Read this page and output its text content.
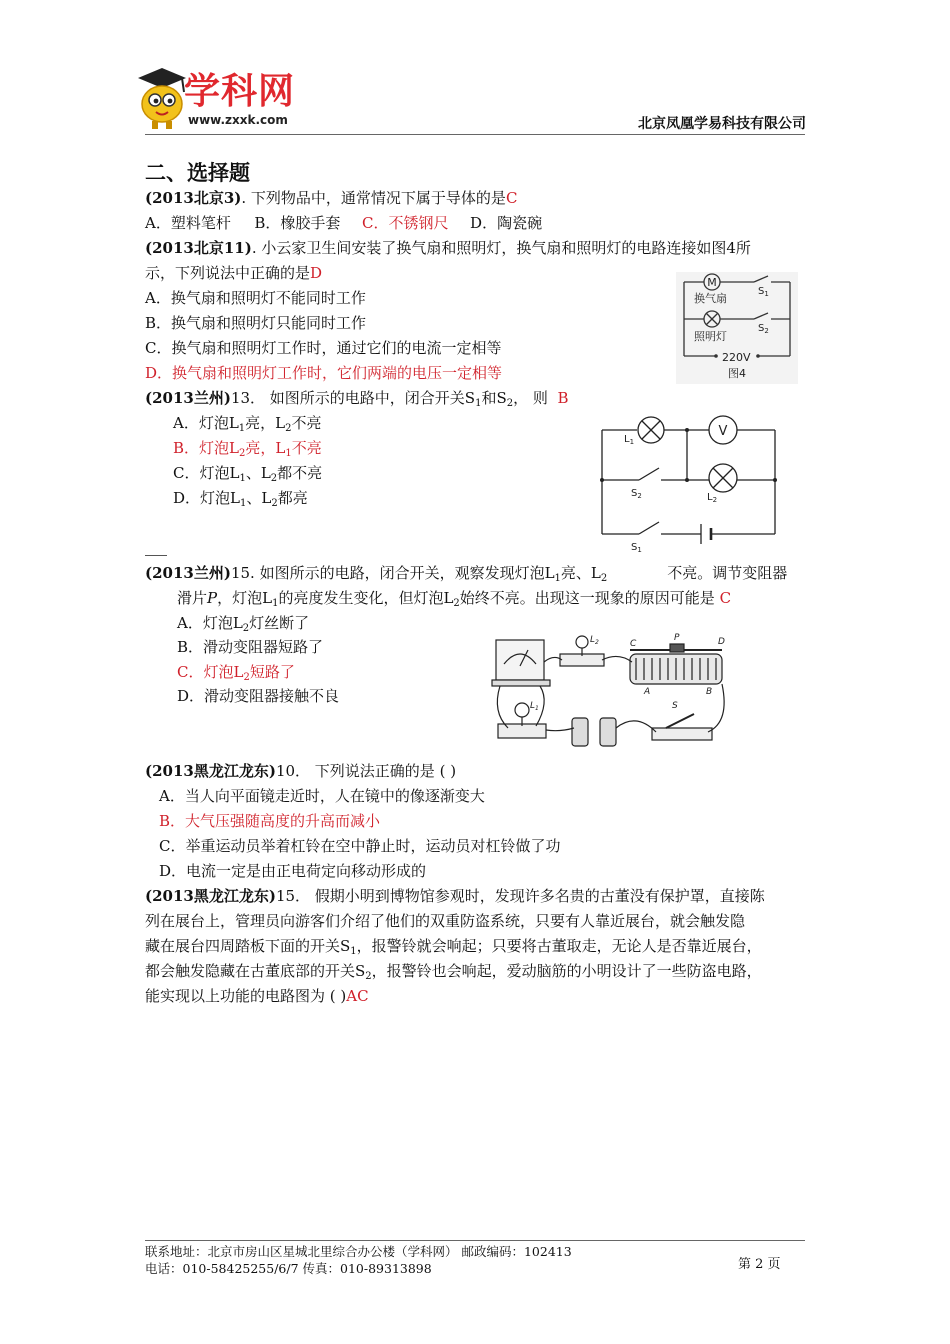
学科网
www.zxxk.com	北京凤凰学易科技有限公司
二、选择题
(2013北京3). 下列物品中，通常情况下属于导体的是C
A．塑料笔杆 B．橡胶手套 C．不锈钢尺 D．陶瓷碗
(2013北京11). 小云家卫生间安装了换气扇和照明灯，换气扇和照明灯的电路连接如图4所
示，下列说法中正确的是D
A．换气扇和照明灯不能同时工作
B．换气扇和照明灯只能同时工作
C．换气扇和照明灯工作时，通过它们的电流一定相等
D．换气扇和照明灯工作时，它们两端的电压一定相等
M
换气扇
照明灯
$S_1$
$S_2$
220V
图4
(2013兰州)13． 如图所示的电路中，闭合开关$S_1$和$S_2$， 则 B
A．灯泡$L_1$亮，$L_2$不亮
B．灯泡$L_2$亮，$L_1$不亮
C．灯泡$L_1$、$L_2$都不亮
D．灯泡$L_1$、$L_2$都亮
V
$L_1$
$L_2$
$S_2$
$S_1$
(2013兰州)15. 如图所示的电路，闭合开关，观察发现灯泡$L_1$亮、$L_2$	不亮。调节变阻器
滑片P，灯泡$L_1$的亮度发生变化，但灯泡$L_2$始终不亮。出现这一现象的原因可能是 C
A．灯泡$L_2$灯丝断了
B．滑动变阻器短路了
C．灯泡$L_2$短路了
D．滑动变阻器接触不良
$L_2$
$L_1$
C
P	D
A	B
S
(2013黑龙江龙东)10． 下列说法正确的是 ( )
A．当人向平面镜走近时，人在镜中的像逐渐变大
B．大气压强随高度的升高而减小
C．举重运动员举着杠铃在空中静止时，运动员对杠铃做了功
D．电流一定是由正电荷定向移动形成的
(2013黑龙江龙东)15． 假期小明到博物馆参观时，发现许多名贵的古董没有保护罩，直接陈
列在展台上，管理员向游客们介绍了他们的双重防盗系统，只要有人靠近展台，就会触发隐
藏在展台四周踏板下面的开关$S_1$，报警铃就会响起；只要将古董取走，无论人是否靠近展台，
都会触发隐藏在古董底部的开关$S_2$，报警铃也会响起，爱动脑筋的小明设计了一些防盗电路，
能实现以上功能的电路图为 ( )AC
联系地址：北京市房山区星城北里综合办公楼（学科网） 邮政编码：102413
电话：010-58425255/6/7 传真：010-89313898	第 2 页
